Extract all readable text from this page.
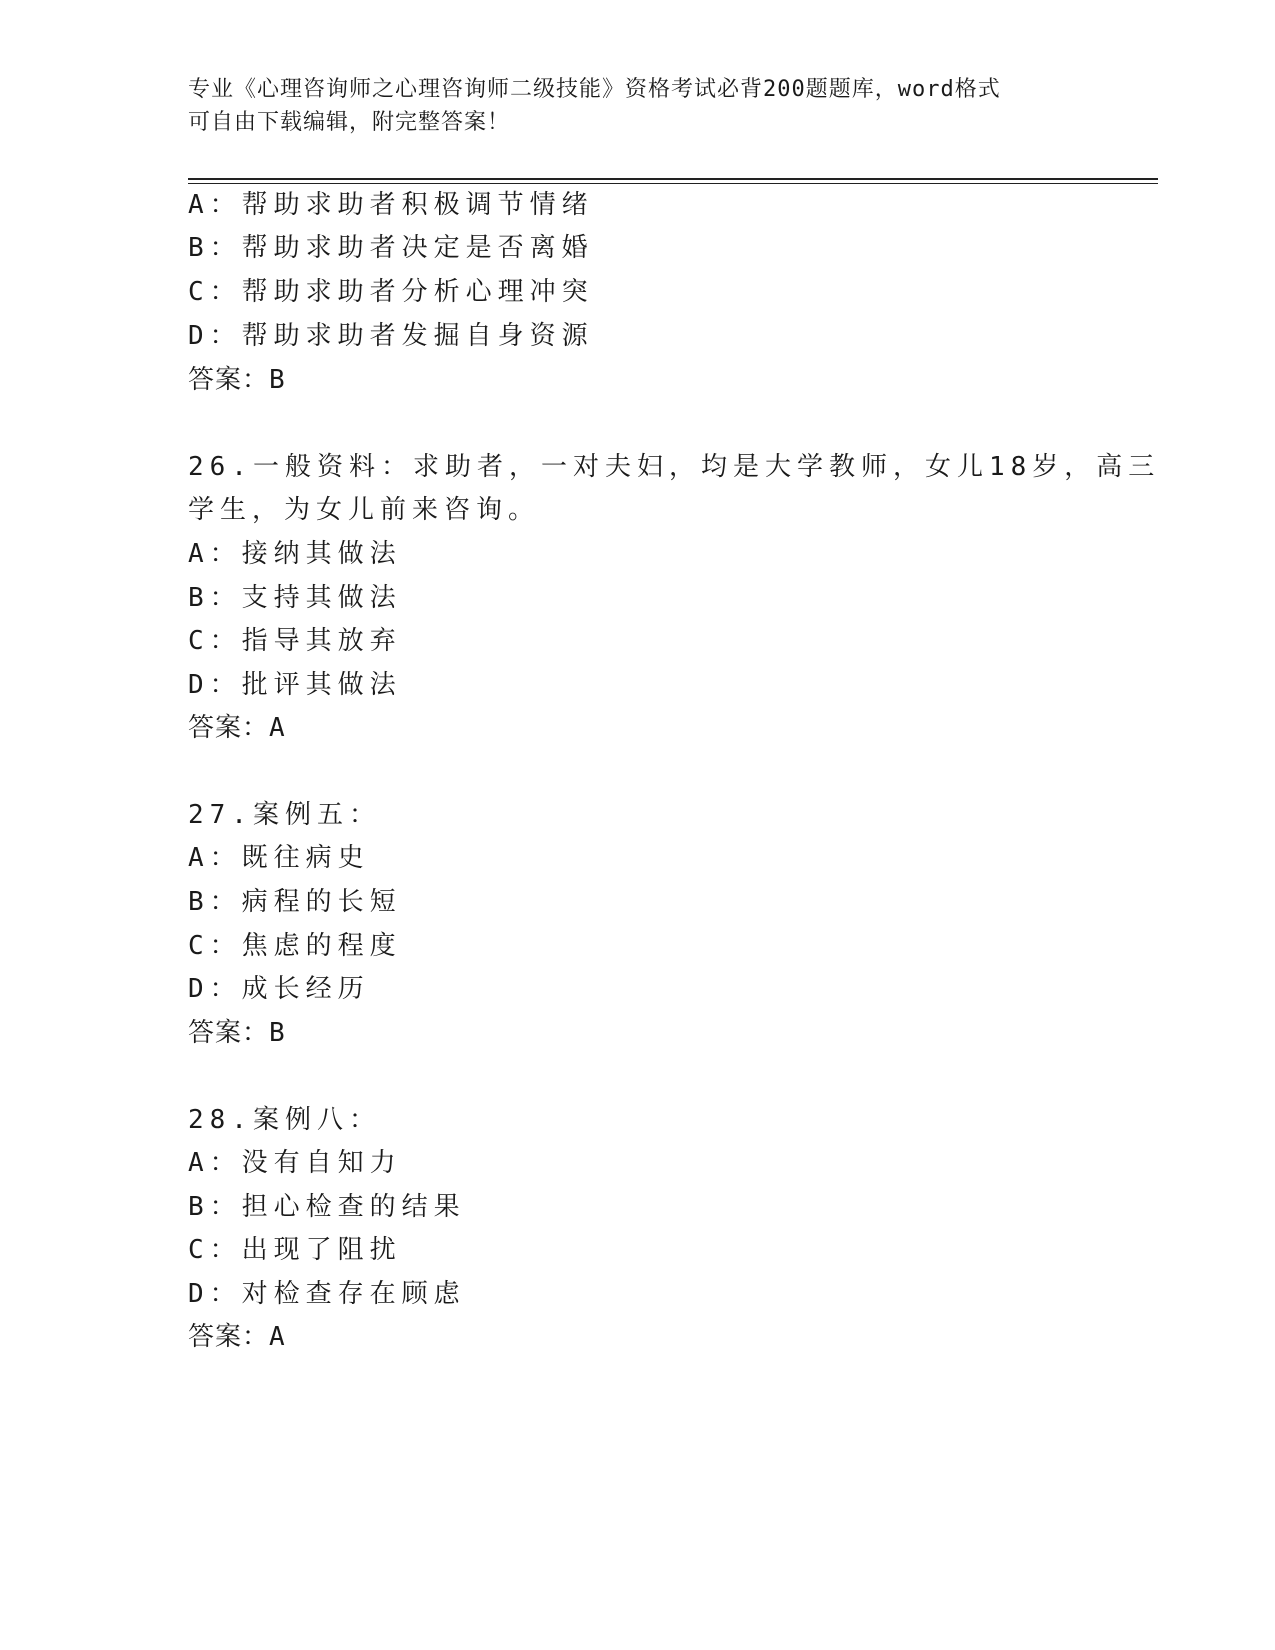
专业《心理咨询师之心理咨询师二级技能》资格考试必背200题题库，word格式
可自由下载编辑，附完整答案！
A：帮助求助者积极调节情绪
B：帮助求助者决定是否离婚
C：帮助求助者分析心理冲突
D：帮助求助者发掘自身资源
答案：B
26.一般资料：求助者，一对夫妇，均是大学教师，女儿18岁，高三
学生，为女儿前来咨询。
A：接纳其做法
B：支持其做法
C：指导其放弃
D：批评其做法
答案：A
27.案例五：
A：既往病史
B：病程的长短
C：焦虑的程度
D：成长经历
答案：B
28.案例八：
A：没有自知力
B：担心检查的结果
C：出现了阻扰
D：对检查存在顾虑
答案：A
